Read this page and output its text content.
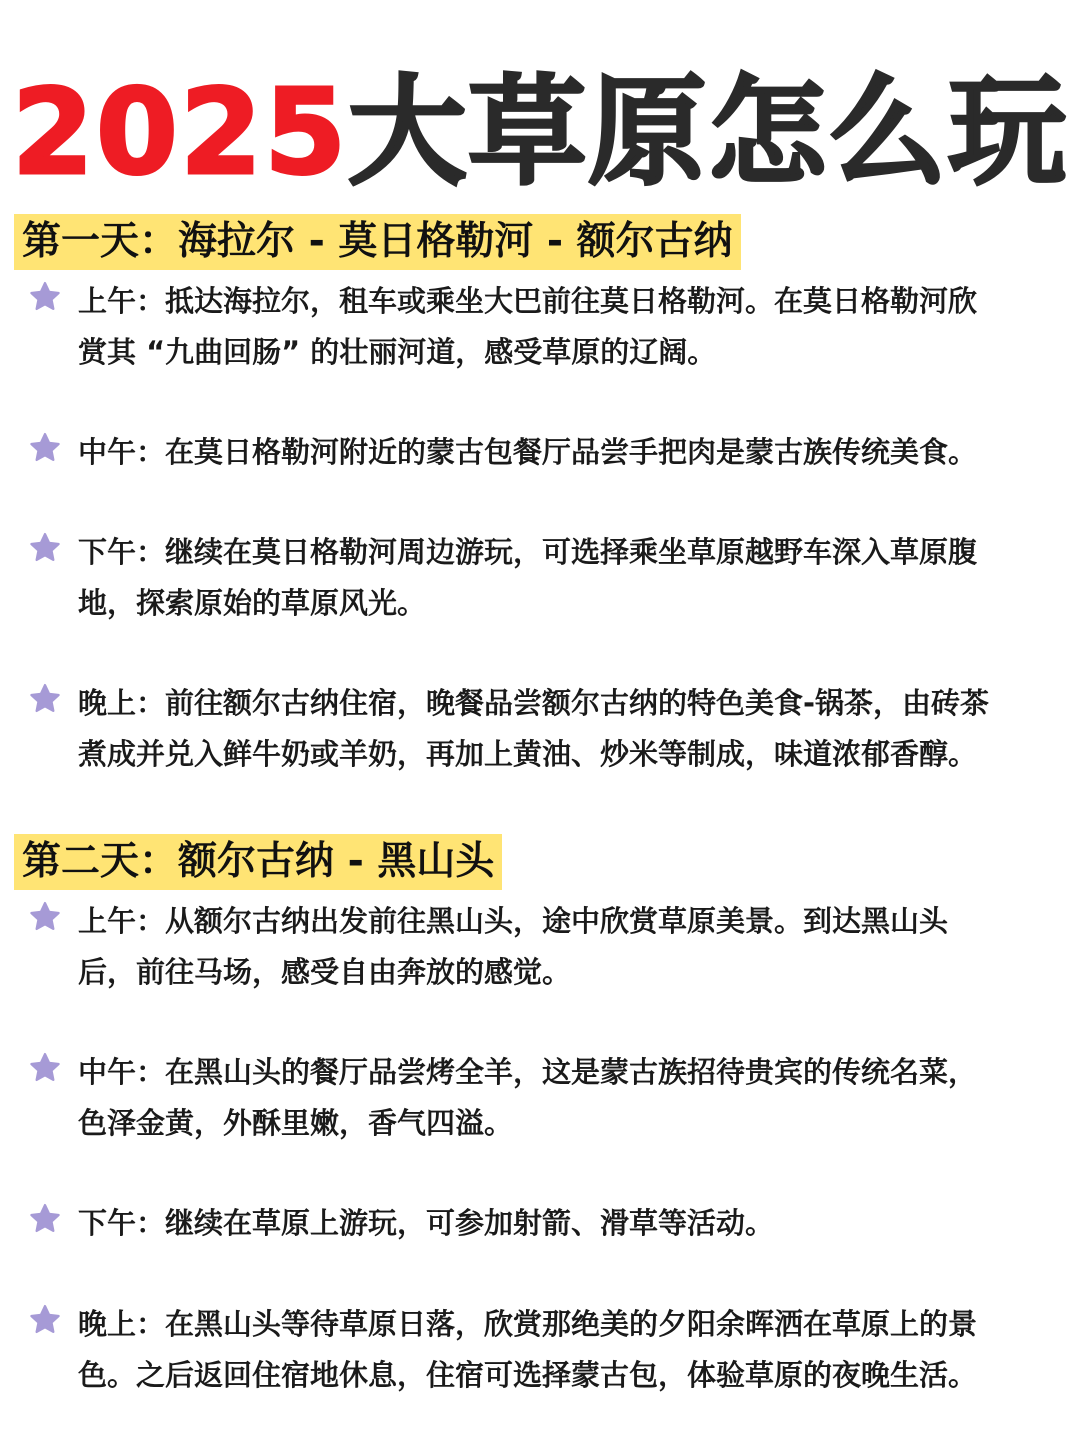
2025大草原怎么玩
第一天：海拉尔 - 莫日格勒河 - 额尔古纳
上午：抵达海拉尔，租车或乘坐大巴前往莫日格勒河。在莫日格勒河欣
赏其 “九曲回肠” 的壮丽河道，感受草原的辽阔。
中午：在莫日格勒河附近的蒙古包餐厅品尝手把肉是蒙古族传统美食。
下午：继续在莫日格勒河周边游玩，可选择乘坐草原越野车深入草原腹
地，探索原始的草原风光。
晚上：前往额尔古纳住宿，晚餐品尝额尔古纳的特色美食-锅茶，由砖茶
煮成并兑入鲜牛奶或羊奶，再加上黄油、炒米等制成，味道浓郁香醇。
第二天：额尔古纳 - 黑山头
上午：从额尔古纳出发前往黑山头，途中欣赏草原美景。到达黑山头
后，前往马场，感受自由奔放的感觉。
中午：在黑山头的餐厅品尝烤全羊，这是蒙古族招待贵宾的传统名菜，
色泽金黄，外酥里嫩，香气四溢。
下午：继续在草原上游玩，可参加射箭、滑草等活动。
晚上：在黑山头等待草原日落，欣赏那绝美的夕阳余晖洒在草原上的景
色。之后返回住宿地休息，住宿可选择蒙古包，体验草原的夜晚生活。
